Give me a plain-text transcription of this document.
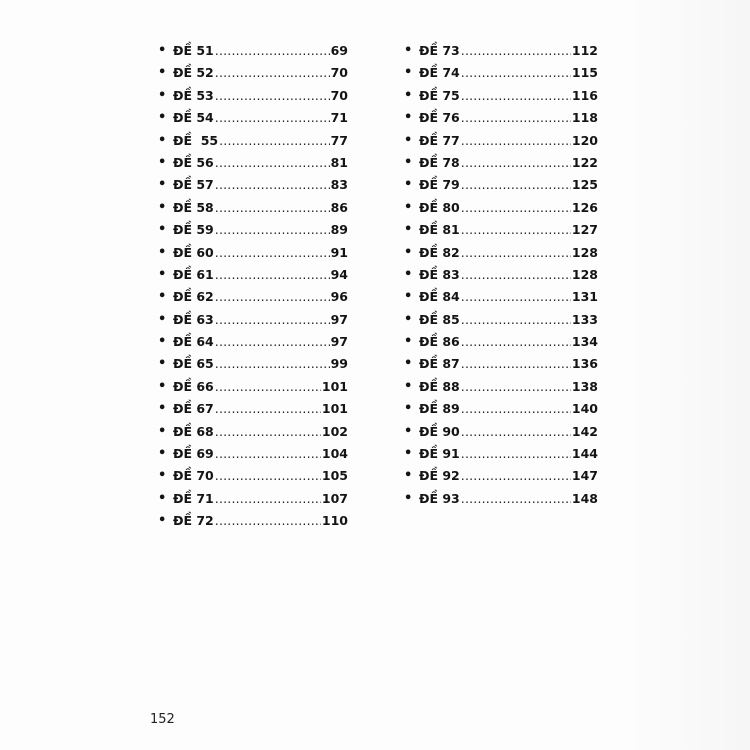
• ĐỀ 51 .....	69
• ĐỀ 52 .....	70
• ĐỀ 53 .....	70
• ĐỀ 54 .....	71
• ĐỀ  55 .....	77
• ĐỀ 56 .....	81
• ĐỀ 57 .....	83
• ĐỀ 58 .....	86
• ĐỀ 59 .....	89
• ĐỀ 60 .....	91
• ĐỀ 61 .....	94
• ĐỀ 62 .....	96
• ĐỀ 63 .....	97
• ĐỀ 64 .....	97
• ĐỀ 65 .....	99
• ĐỀ 66 .....	101
• ĐỀ 67 .....	101
• ĐỀ 68 .....	102
• ĐỀ 69 .....	104
• ĐỀ 70 .....	105
• ĐỀ 71 .....	107
• ĐỀ 72 .....	110
• ĐỀ 73 .....	112
• ĐỀ 74 .....	115
• ĐỀ 75 .....	116
• ĐỀ 76 .....	118
• ĐỀ 77 .....	120
• ĐỀ 78 .....	122
• ĐỀ 79 .....	125
• ĐỀ 80 .....	126
• ĐỀ 81 .....	127
• ĐỀ 82 .....	128
• ĐỀ 83 .....	128
• ĐỀ 84 .....	131
• ĐỀ 85 .....	133
• ĐỀ 86 .....	134
• ĐỀ 87 .....	136
• ĐỀ 88 .....	138
• ĐỀ 89 .....	140
• ĐỀ 90 .....	142
• ĐỀ 91 .....	144
• ĐỀ 92 .....	147
• ĐỀ 93 .....	148
152
